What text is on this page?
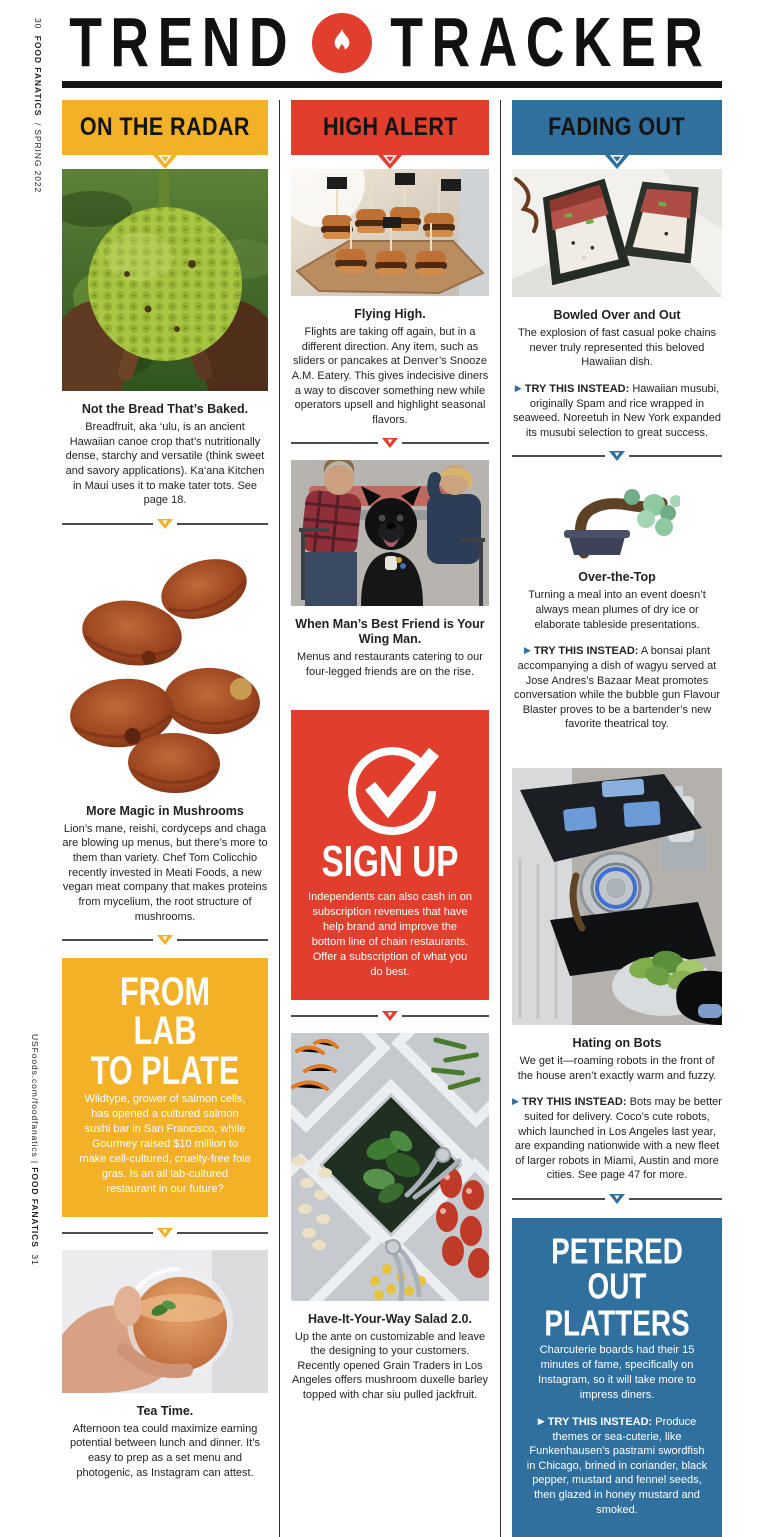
30  FOOD FANATICS  / SPRING 2022
USFoods.com/foodfanatics | FOOD FANATICS  31
TREND TRACKER
ON THE RADAR
Not the Bread That’s Baked.
Breadfruit, aka ‘ulu, is an ancient Hawaiian canoe crop that’s nutritionally dense, starchy and versatile (think sweet and savory applications). Ka‘ana Kitchen in Maui uses it to make tater tots. See page 18.
More Magic in Mushrooms
Lion’s mane, reishi, cordyceps and chaga are blowing up menus, but there’s more to them than variety. Chef Tom Colicchio recently invested in Meati Foods, a new vegan meat company that makes proteins from mycelium, the root structure of mushrooms.
FROM LAB
TO PLATE
Wildtype, grower of salmon cells, has opened a cultured salmon sushi bar in San Francisco, while Gourmey raised $10 million to make cell-cultured, cruelty-free foie gras. Is an all lab-cultured restaurant in our future?
Tea Time.
Afternoon tea could maximize earning potential between lunch and dinner. It’s easy to prep as a set menu and photogenic, as Instagram can attest.
HIGH ALERT
Flying High.
Flights are taking off again, but in a different direction. Any item, such as sliders or pancakes at Denver’s Snooze A.M. Eatery. This gives indecisive diners a way to discover something new while operators upsell and highlight seasonal flavors.
When Man’s Best Friend is Your Wing Man.
Menus and restaurants catering to our four-legged friends are on the rise.
SIGN UP
Independents can also cash in on subscription revenues that have help brand and improve the bottom line of chain restaurants. Offer a subscription of what you do best.
Have-It-Your-Way Salad 2.0.
Up the ante on customizable and leave the designing to your customers. Recently opened Grain Traders in Los Angeles offers mushroom duxelle barley topped with char siu pulled jackfruit.
FADING OUT
Bowled Over and Out
The explosion of fast casual poke chains never truly represented this beloved Hawaiian dish.

▶ TRY THIS INSTEAD: Hawaiian musubi, originally Spam and rice wrapped in seaweed. Noreetuh in New York expanded its musubi selection to great success.

Over-the-Top
Turning a meal into an event doesn’t always mean plumes of dry ice or elaborate tableside presentations.

▶ TRY THIS INSTEAD: A bonsai plant accompanying a dish of wagyu served at Jose Andres’s Bazaar Meat promotes conversation while the bubble gun Flavour Blaster proves to be a bartender’s new favorite theatrical toy.

Hating on Bots
We get it—roaming robots in the front of the house aren’t exactly warm and fuzzy.

▶ TRY THIS INSTEAD: Bots may be better suited for delivery. Coco’s cute robots, which launched in Los Angeles last year, are expanding nationwide with a new fleet of larger robots in Miami, Austin and more cities. See page 47 for more.

PETERED OUT
PLATTERS
Charcuterie boards had their 15 minutes of fame, specifically on Instagram, so it will take more to impress diners.

▶ TRY THIS INSTEAD: Produce themes or sea-cuterie, like Funkenhausen's pastrami swordfish in Chicago, brined in coriander, black pepper, mustard and fennel seeds, then glazed in honey mustard and smoked.
